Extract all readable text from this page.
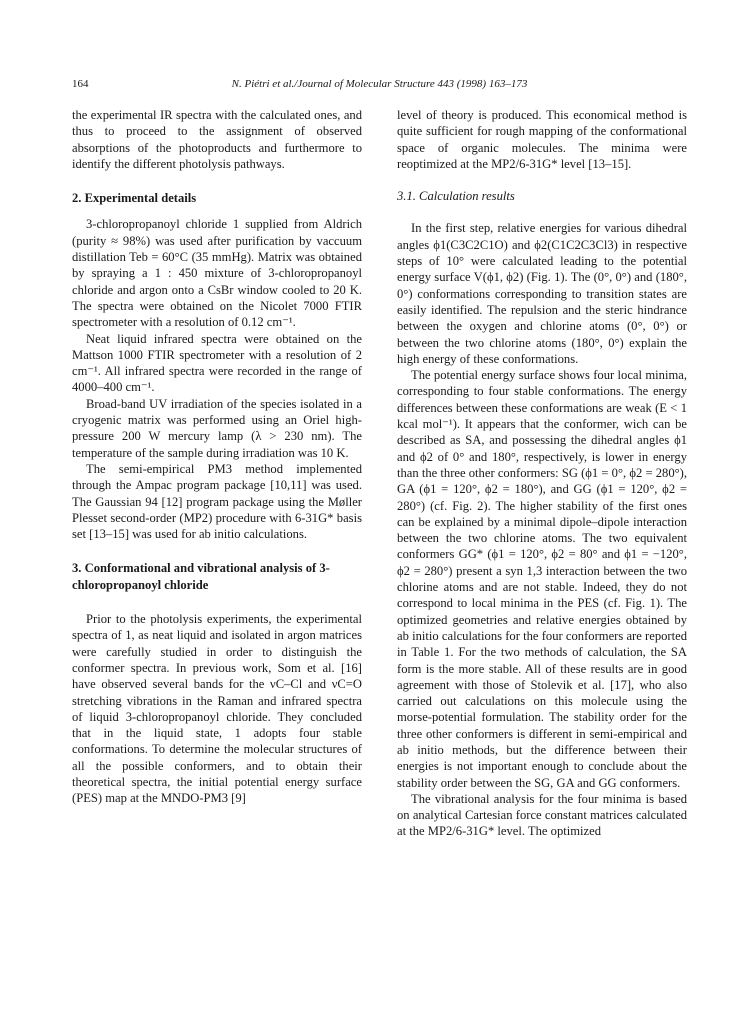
164	N. Piétri et al./Journal of Molecular Structure 443 (1998) 163–173

the experimental IR spectra with the calculated ones, and thus to proceed to the assignment of observed absorptions of the photoproducts and furthermore to identify the different photolysis pathways.

2. Experimental details

3-chloropropanoyl chloride 1 supplied from Aldrich (purity ≈ 98%) was used after purification by vaccuum distillation Teb = 60°C (35 mmHg). Matrix was obtained by spraying a 1 : 450 mixture of 3-chloropropanoyl chloride and argon onto a CsBr window cooled to 20 K. The spectra were obtained on the Nicolet 7000 FTIR spectrometer with a resolution of 0.12 cm⁻¹.

Neat liquid infrared spectra were obtained on the Mattson 1000 FTIR spectrometer with a resolution of 2 cm⁻¹. All infrared spectra were recorded in the range of 4000–400 cm⁻¹.

Broad-band UV irradiation of the species isolated in a cryogenic matrix was performed using an Oriel high-pressure 200 W mercury lamp (λ > 230 nm). The temperature of the sample during irradiation was 10 K.

The semi-empirical PM3 method implemented through the Ampac program package [10,11] was used. The Gaussian 94 [12] program package using the Møller Plesset second-order (MP2) procedure with 6-31G* basis set [13–15] was used for ab initio calculations.

3. Conformational and vibrational analysis of 3-chloropropanoyl chloride

Prior to the photolysis experiments, the experimental spectra of 1, as neat liquid and isolated in argon matrices were carefully studied in order to distinguish the conformer spectra. In previous work, Som et al. [16] have observed several bands for the νC–Cl and νC=O stretching vibrations in the Raman and infrared spectra of liquid 3-chloropropanoyl chloride. They concluded that in the liquid state, 1 adopts four stable conformations. To determine the molecular structures of all the possible conformers, and to obtain their theoretical spectra, the initial potential energy surface (PES) map at the MNDO-PM3 [9]

level of theory is produced. This economical method is quite sufficient for rough mapping of the conformational space of organic molecules. The minima were reoptimized at the MP2/6-31G* level [13–15].

3.1. Calculation results

In the first step, relative energies for various dihedral angles ϕ1(C3C2C1O) and ϕ2(C1C2C3Cl3) in respective steps of 10° were calculated leading to the potential energy surface V(ϕ1, ϕ2) (Fig. 1). The (0°, 0°) and (180°, 0°) conformations corresponding to transition states are easily identified. The repulsion and the steric hindrance between the oxygen and chlorine atoms (0°, 0°) or between the two chlorine atoms (180°, 0°) explain the high energy of these conformations.

The potential energy surface shows four local minima, corresponding to four stable conformations. The energy differences between these conformations are weak (E < 1 kcal mol⁻¹). It appears that the conformer, wich can be described as SA, and possessing the dihedral angles ϕ1 and ϕ2 of 0° and 180°, respectively, is lower in energy than the three other conformers: SG (ϕ1 = 0°, ϕ2 = 280°), GA (ϕ1 = 120°, ϕ2 = 180°), and GG (ϕ1 = 120°, ϕ2 = 280°) (cf. Fig. 2). The higher stability of the first ones can be explained by a minimal dipole–dipole interaction between the two chlorine atoms. The two equivalent conformers GG* (ϕ1 = 120°, ϕ2 = 80° and ϕ1 = −120°, ϕ2 = 280°) present a syn 1,3 interaction between the two chlorine atoms and are not stable. Indeed, they do not correspond to local minima in the PES (cf. Fig. 1). The optimized geometries and relative energies obtained by ab initio calculations for the four conformers are reported in Table 1. For the two methods of calculation, the SA form is the more stable. All of these results are in good agreement with those of Stolevik et al. [17], who also carried out calculations on this molecule using the morse-potential formulation. The stability order for the three other conformers is different in semi-empirical and ab initio methods, but the difference between their energies is not important enough to conclude about the stability order between the SG, GA and GG conformers.

The vibrational analysis for the four minima is based on analytical Cartesian force constant matrices calculated at the MP2/6-31G* level. The optimized
